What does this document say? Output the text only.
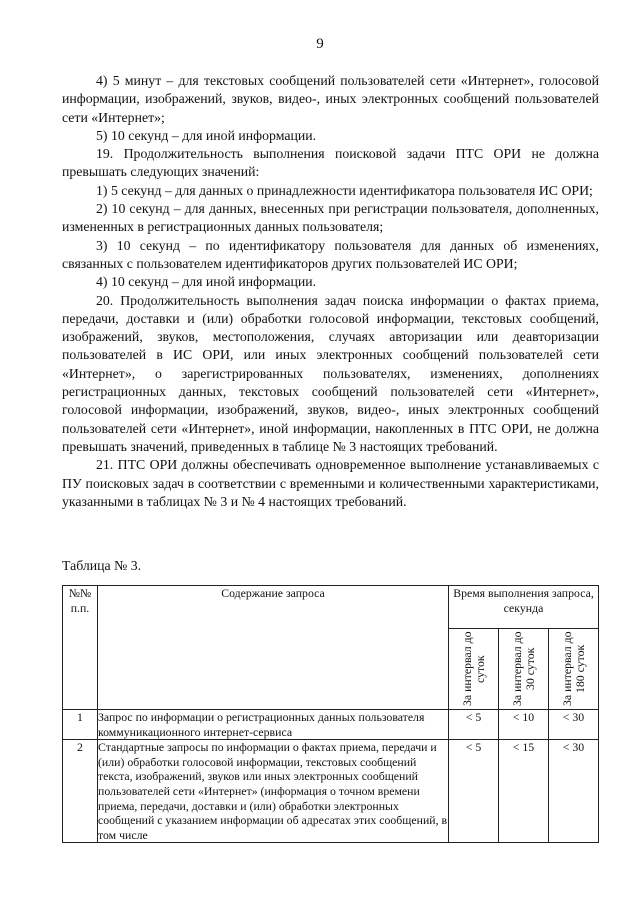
9

4) 5 минут – для текстовых сообщений пользователей сети «Интернет», голосовой информации, изображений, звуков, видео-, иных электронных сообщений пользователей сети «Интернет»;

5) 10 секунд – для иной информации.

19. Продолжительность выполнения поисковой задачи ПТС ОРИ не должна превышать следующих значений:

1) 5 секунд – для данных о принадлежности идентификатора пользователя ИС ОРИ;

2) 10 секунд – для данных, внесенных при регистрации пользователя, дополненных, измененных в регистрационных данных пользователя;

3) 10 секунд – по идентификатору пользователя для данных об изменениях, связанных с пользователем идентификаторов других пользователей ИС ОРИ;

4) 10 секунд – для иной информации.

20. Продолжительность выполнения задач поиска информации о фактах приема, передачи, доставки и (или) обработки голосовой информации, текстовых сообщений, изображений, звуков, местоположения, случаях авторизации или деавторизации пользователей в ИС ОРИ, или иных электронных сообщений пользователей сети «Интернет», о зарегистрированных пользователях, изменениях, дополнениях регистрационных данных, текстовых сообщений пользователей сети «Интернет», голосовой информации, изображений, звуков, видео-, иных электронных сообщений пользователей сети «Интернет», иной информации, накопленных в ПТС ОРИ, не должна превышать значений, приведенных в таблице № 3 настоящих требований.

21. ПТС ОРИ должны обеспечивать одновременное выполнение устанавливаемых с ПУ поисковых задач в соответствии с временными и количественными характеристиками, указанными в таблицах № 3 и № 4 настоящих требований.

Таблица № 3.
№№ п.п.	Содержание запроса	Время выполнения запроса, секунда		

		За интервал до суток	За интервал до 30 суток	За интервал до 180 суток

1	Запрос по информации о регистрационных данных пользователя коммуникационного интернет-сервиса	< 5	< 10	< 30
2	Стандартные запросы по информации о фактах приема, передачи и (или) обработки голосовой информации, текстовых сообщений текста, изображений, звуков или иных электронных сообщений пользователей сети «Интернет» (информация о точном времени приема, передачи, доставки и (или) обработки электронных сообщений с указанием информации об адресатах этих сообщений, в том числе	< 5	< 15	< 30
